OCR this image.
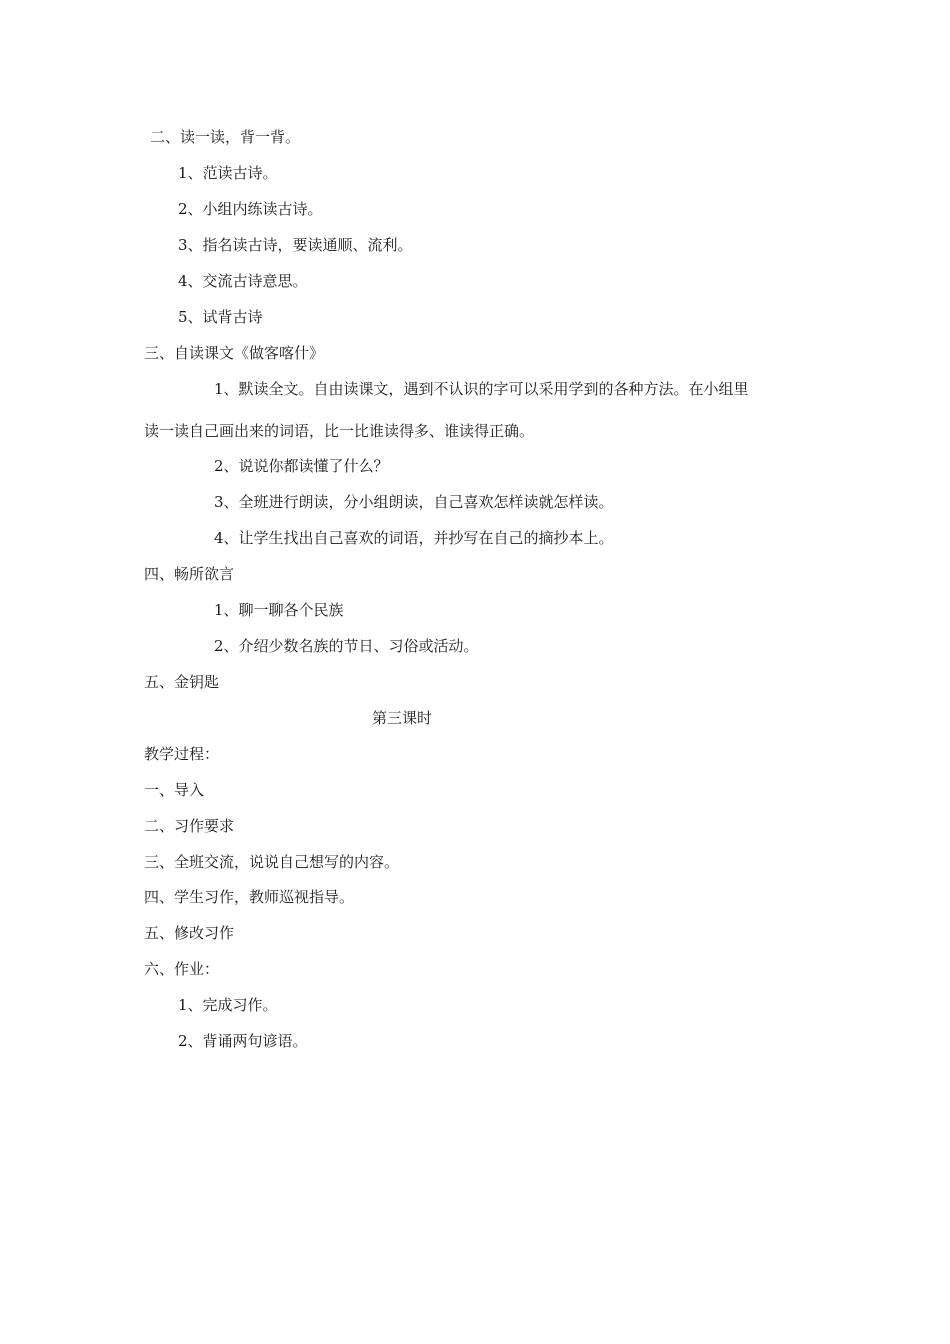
二、读一读，背一背。
1、范读古诗。
2、小组内练读古诗。
3、指名读古诗，要读通顺、流利。
4、交流古诗意思。
5、试背古诗
三、自读课文《做客喀什》
1、默读全文。自由读课文，遇到不认识的字可以采用学到的各种方法。在小组里
读一读自己画出来的词语，比一比谁读得多、谁读得正确。
2、说说你都读懂了什么？
3、全班进行朗读，分小组朗读，自己喜欢怎样读就怎样读。
4、让学生找出自己喜欢的词语，并抄写在自己的摘抄本上。
四、畅所欲言
1、聊一聊各个民族
2、介绍少数名族的节日、习俗或活动。
五、金钥匙
第三课时
教学过程：
一、导入
二、习作要求
三、全班交流，说说自己想写的内容。
四、学生习作，教师巡视指导。
五、修改习作
六、作业：
1、完成习作。
2、背诵两句谚语。
